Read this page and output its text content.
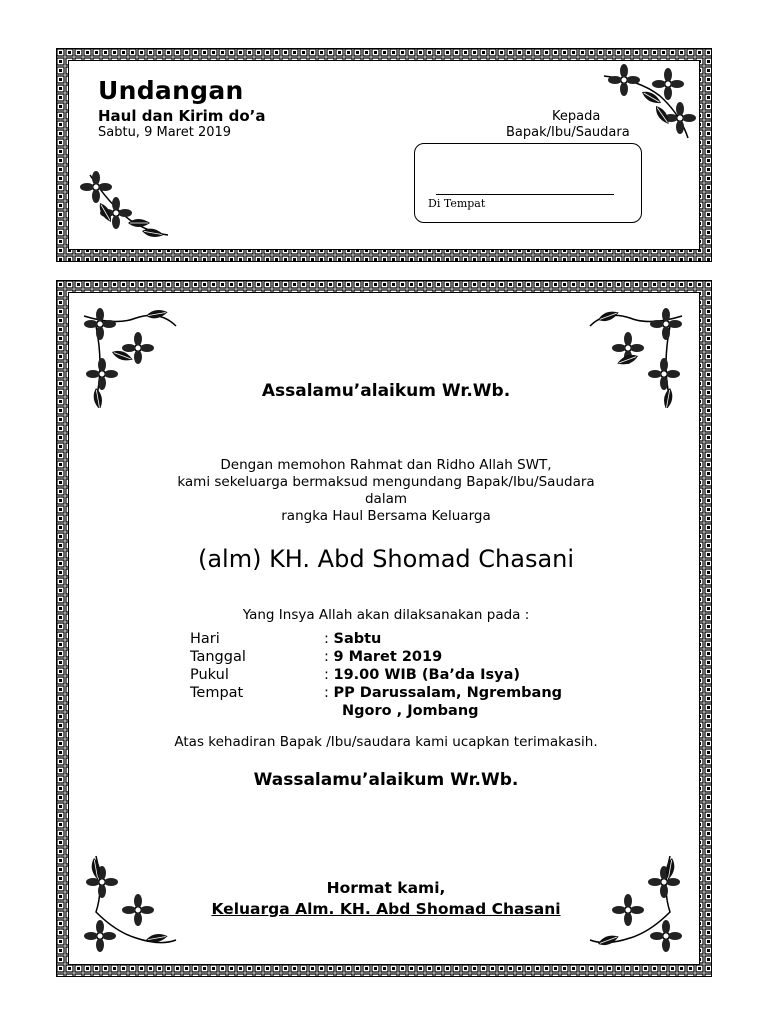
Undangan
Haul dan Kirim do’a
Sabtu, 9 Maret 2019
Kepada
Bapak/Ibu/Saudara
Di Tempat
Assalamu’alaikum Wr.Wb.
Dengan memohon Rahmat dan Ridho Allah SWT,
kami sekeluarga bermaksud mengundang Bapak/Ibu/Saudara
dalam
rangka Haul Bersama Keluarga
(alm) KH. Abd Shomad Chasani
Yang Insya Allah akan dilaksanakan pada :
Hari	: Sabtu
Tanggal	: 9 Maret 2019
Pukul	: 19.00 WIB (Ba’da Isya)
Tempat	: PP Darussalam, Ngrembang
Ngoro , Jombang
Atas kehadiran Bapak /Ibu/saudara kami ucapkan terimakasih.
Wassalamu’alaikum Wr.Wb.
Hormat kami,
Keluarga Alm. KH. Abd Shomad Chasani
